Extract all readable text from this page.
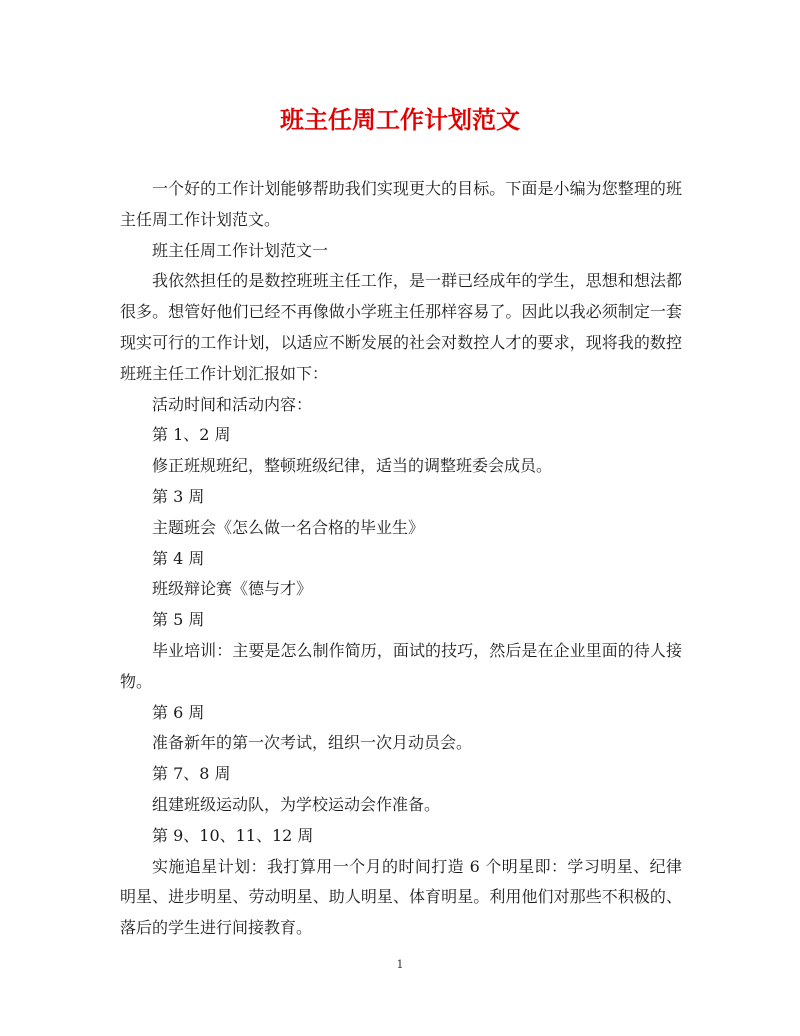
班主任周工作计划范文

一个好的工作计划能够帮助我们实现更大的目标。下面是小编为您整理的班主任周工作计划范文。

班主任周工作计划范文一

我依然担任的是数控班班主任工作，是一群已经成年的学生，思想和想法都很多。想管好他们已经不再像做小学班主任那样容易了。因此以我必须制定一套现实可行的工作计划，以适应不断发展的社会对数控人才的要求，现将我的数控班班主任工作计划汇报如下：

活动时间和活动内容：

第 1、2 周

修正班规班纪，整顿班级纪律，适当的调整班委会成员。

第 3 周

主题班会《怎么做一名合格的毕业生》

第 4 周

班级辩论赛《德与才》

第 5 周

毕业培训：主要是怎么制作简历，面试的技巧，然后是在企业里面的待人接物。

第 6 周

准备新年的第一次考试，组织一次月动员会。

第 7、8 周

组建班级运动队，为学校运动会作准备。

第 9、10、11、12 周

实施追星计划：我打算用一个月的时间打造 6 个明星即：学习明星、纪律明星、进步明星、劳动明星、助人明星、体育明星。利用他们对那些不积极的、落后的学生进行间接教育。

1
